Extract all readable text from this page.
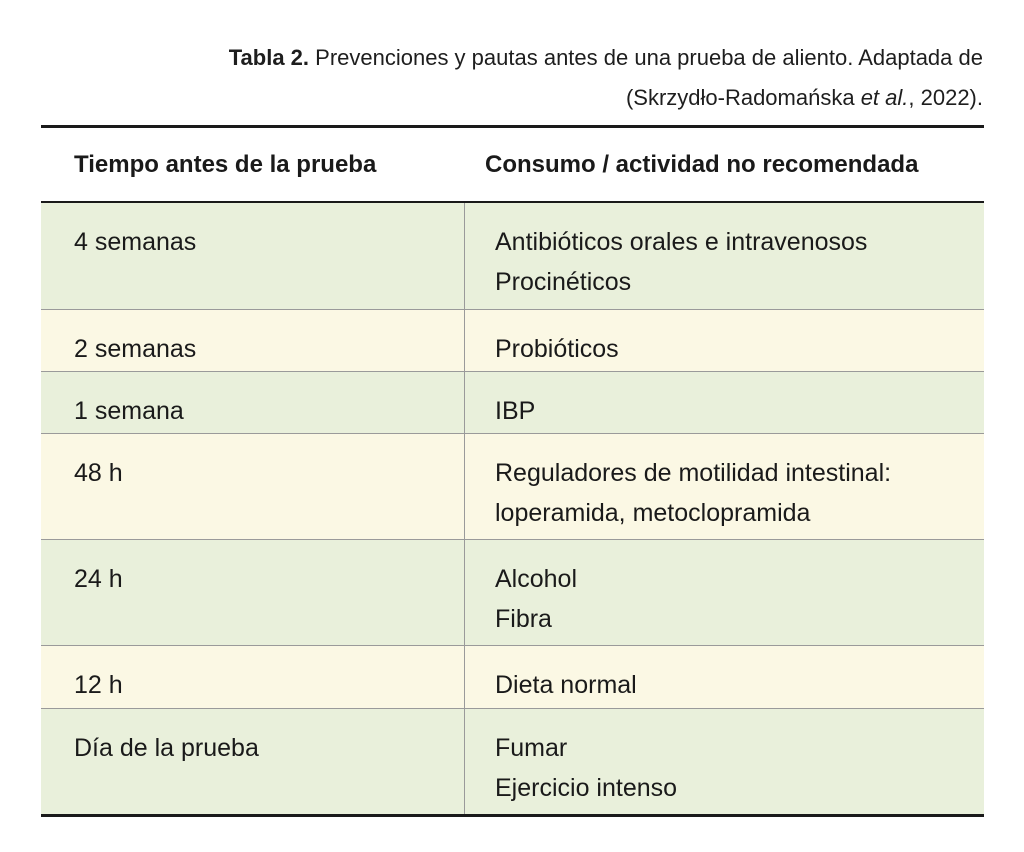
Tabla 2. Prevenciones y pautas antes de una prueba de aliento. Adaptada de
(Skrzydło-Radomańska et al., 2022).
Tiempo antes de la prueba	Consumo / actividad no recomendada
4 semanas	Antibióticos orales e intravenosos
Procinéticos
2 semanas	Probióticos
1 semana	IBP
48 h	Reguladores de motilidad intestinal:
loperamida, metoclopramida
24 h	Alcohol
Fibra
12 h	Dieta normal
Día de la prueba	Fumar
Ejercicio intenso
